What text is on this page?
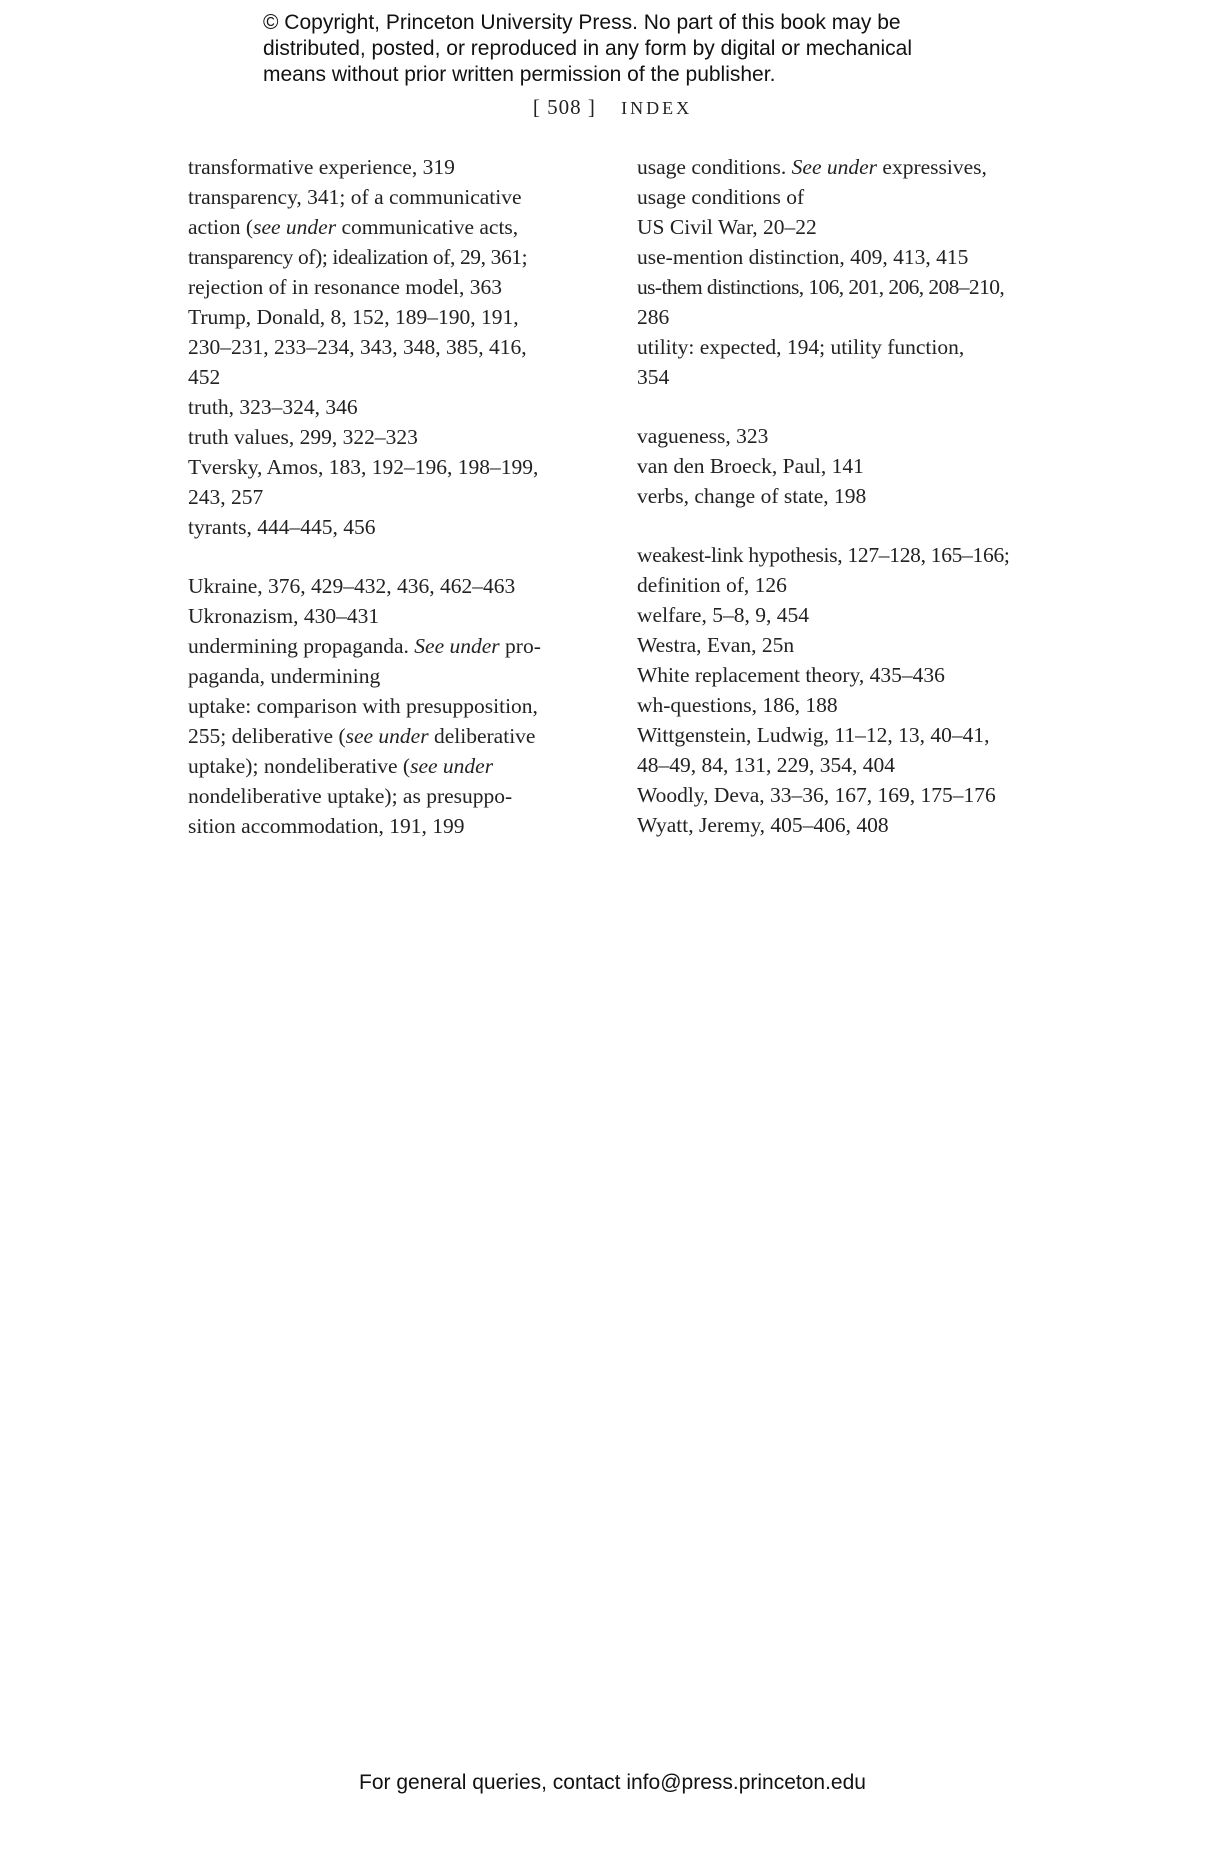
© Copyright, Princeton University Press. No part of this book may be
distributed, posted, or reproduced in any form by digital or mechanical
means without prior written permission of the publisher.
[ 508 ] INDEX
transformative experience, 319
transparency, 341; of a communicative
action (see under communicative acts,
transparency of); idealization of, 29, 361;
rejection of in resonance model, 363
Trump, Donald, 8, 152, 189–190, 191,
230–231, 233–234, 343, 348, 385, 416,
452
truth, 323–324, 346
truth values, 299, 322–323
Tversky, Amos, 183, 192–196, 198–199,
243, 257
tyrants, 444–445, 456
Ukraine, 376, 429–432, 436, 462–463
Ukronazism, 430–431
undermining propaganda. See under pro-
paganda, undermining
uptake: comparison with presupposition,
255; deliberative (see under deliberative
uptake); nondeliberative (see under
nondeliberative uptake); as presuppo-
sition accommodation, 191, 199
usage conditions. See under expressives,
usage conditions of
US Civil War, 20–22
use-mention distinction, 409, 413, 415
us-them distinctions, 106, 201, 206, 208–210,
286
utility: expected, 194; utility function,
354
vagueness, 323
van den Broeck, Paul, 141
verbs, change of state, 198
weakest-link hypothesis, 127–128, 165–166;
definition of, 126
welfare, 5–8, 9, 454
Westra, Evan, 25n
White replacement theory, 435–436
wh-questions, 186, 188
Wittgenstein, Ludwig, 11–12, 13, 40–41,
48–49, 84, 131, 229, 354, 404
Woodly, Deva, 33–36, 167, 169, 175–176
Wyatt, Jeremy, 405–406, 408
For general queries, contact info@press.princeton.edu
